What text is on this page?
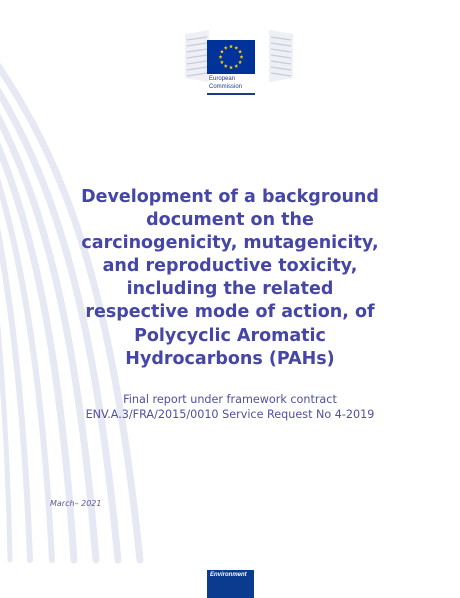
European
Commission
Development of a background
document on the
carcinogenicity, mutagenicity,
and reproductive toxicity,
including the related
respective mode of action, of
Polycyclic Aromatic
Hydrocarbons (PAHs)
Final report under framework contract
ENV.A.3/FRA/2015/0010 Service Request No 4-2019
March– 2021
Environment
